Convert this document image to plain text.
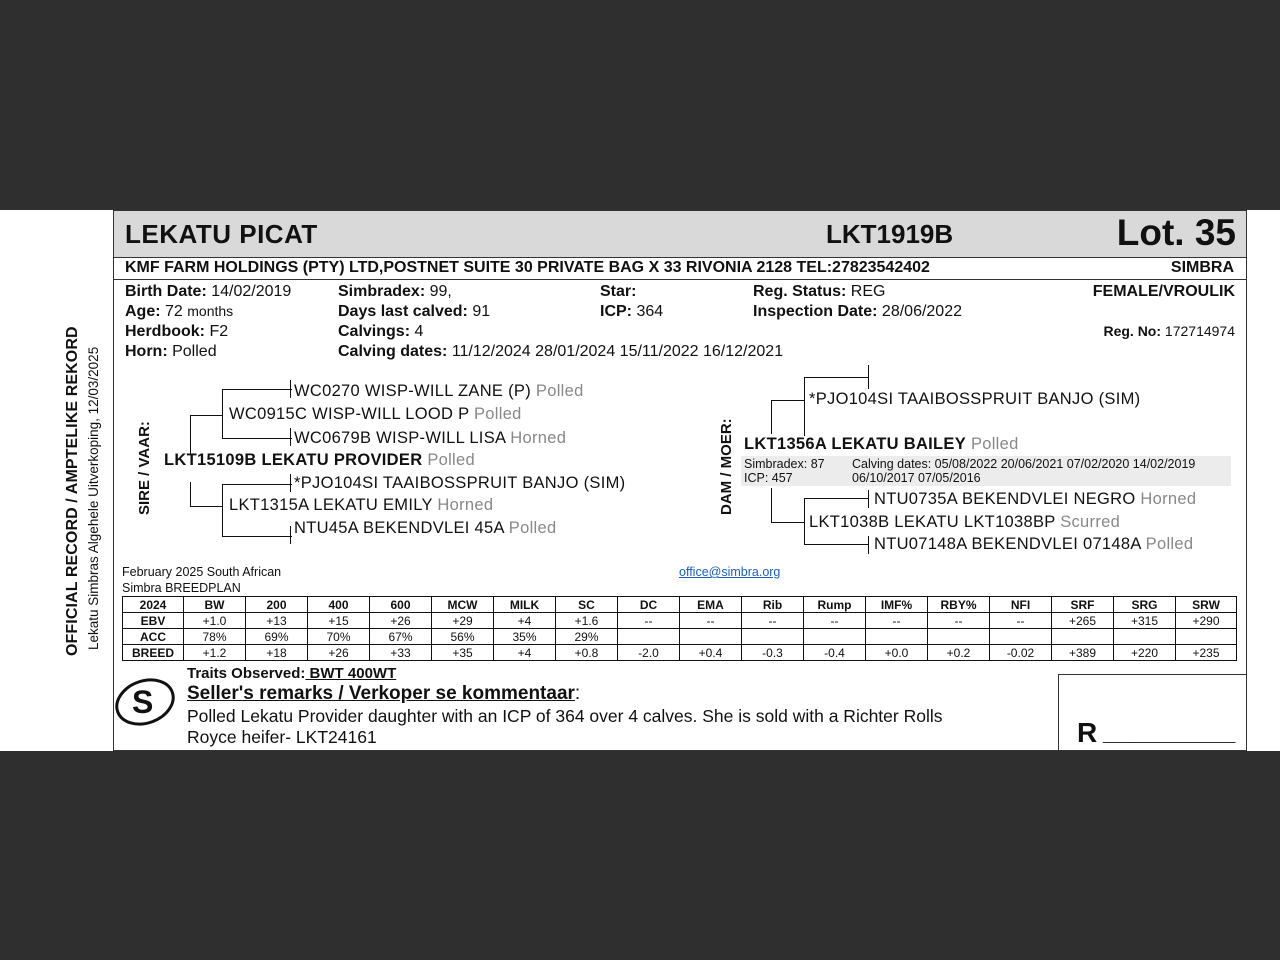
OFFICIAL RECORD / AMPTELIKE REKORD Lekatu Simbras Algehele Uitverkoping, 12/03/2025
LEKATU PICAT	LKT1919B	Lot. 35
KMF FARM HOLDINGS (PTY) LTD,POSTNET SUITE 30 PRIVATE BAG X 33 RIVONIA 2128 TEL:27823542402	SIMBRA
Birth Date: 14/02/2019
Age: 72 months
Herdbook: F2
Horn: Polled
Simbradex: 99,
Days last calved: 91
Calvings: 4
Calving dates: 11/12/2024 28/01/2024 15/11/2022 16/12/2021
Star:
ICP: 364
Reg. Status: REG
Inspection Date: 28/06/2022
FEMALE/VROULIK
Reg. No: 172714974
SIRE / VAAR:
WC0270 WISP-WILL ZANE (P) Polled
WC0915C WISP-WILL LOOD P Polled
WC0679B WISP-WILL LISA Horned
LKT15109B LEKATU PROVIDER Polled
*PJO104SI TAAIBOSSPRUIT BANJO (SIM)
LKT1315A LEKATU EMILY Horned
NTU45A BEKENDVLEI 45A Polled
DAM / MOER:
*PJO104SI TAAIBOSSPRUIT BANJO (SIM)
LKT1356A LEKATU BAILEY Polled
Simbradex: 87
ICP: 457
Calving dates: 05/08/2022 20/06/2021 07/02/2020 14/02/2019
06/10/2017 07/05/2016
NTU0735A BEKENDVLEI NEGRO Horned
LKT1038B LEKATU LKT1038BP Scurred
NTU07148A BEKENDVLEI 07148A Polled
February 2025 South African
Simbra BREEDPLAN
office@simbra.org
2024	BW	200	400	600	MCW	MILK	SC	DC	EMA	Rib	Rump	IMF%	RBY%	NFI	SRF	SRG	SRW
EBV	+1.0	+13	+15	+26	+29	+4	+1.6	--	--	--	--	--	--	--	+265	+315	+290
ACC	78%	69%	70%	67%	56%	35%	29%										
BREED	+1.2	+18	+26	+33	+35	+4	+0.8	-2.0	+0.4	-0.3	-0.4	+0.0	+0.2	-0.02	+389	+220	+235
S
Traits Observed: BWT 400WT
Seller's remarks / Verkoper se kommentaar:
Polled Lekatu Provider daughter with an ICP of 364 over 4 calves. She is sold with a Richter Rolls
Royce heifer- LKT24161	R _________________
